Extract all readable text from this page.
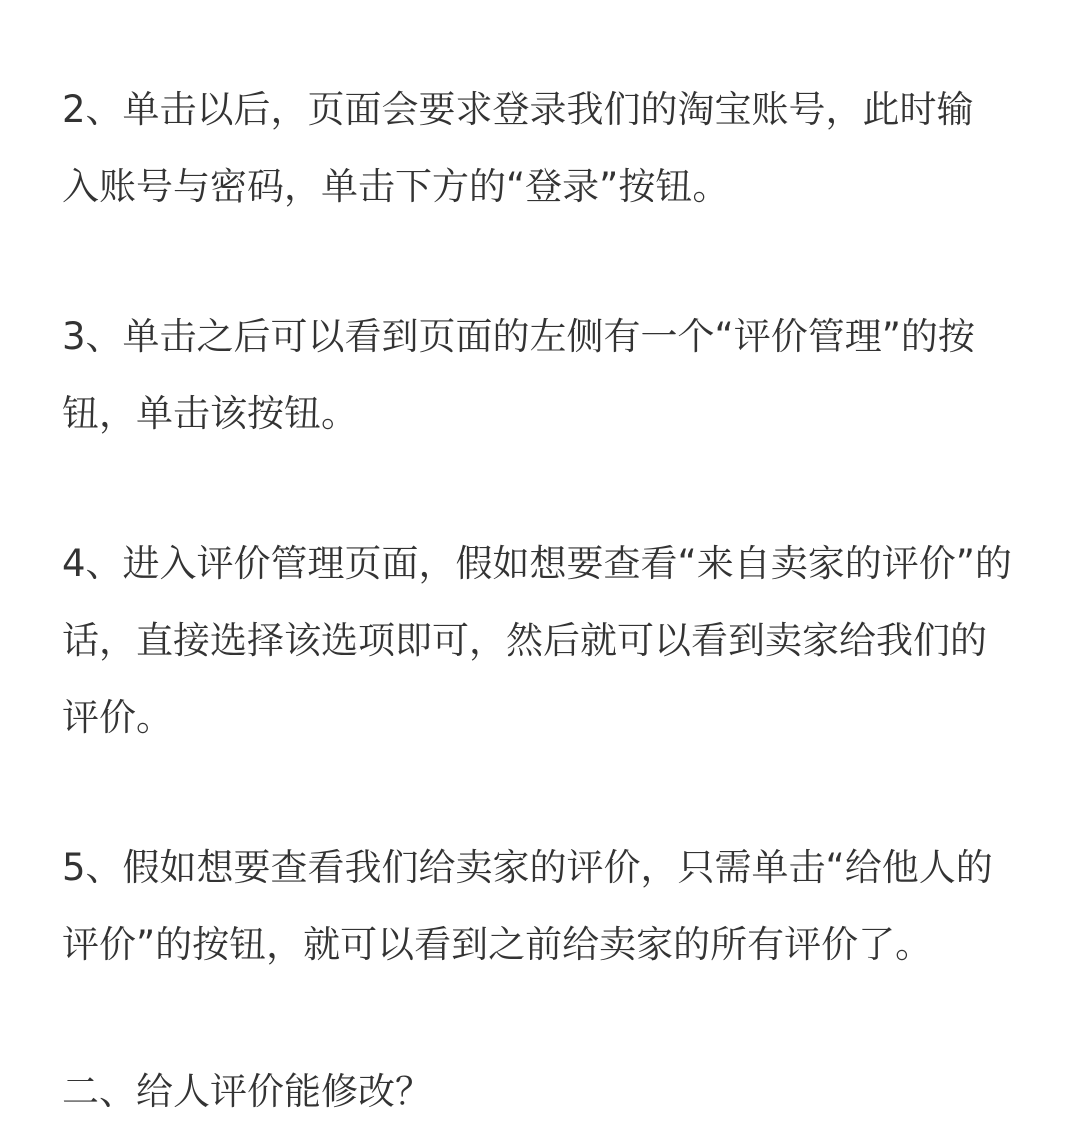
2、单击以后，页面会要求登录我们的淘宝账号，此时输
入账号与密码，单击下方的“登录”按钮。
3、单击之后可以看到页面的左侧有一个“评价管理”的按
钮，单击该按钮。
4、进入评价管理页面，假如想要查看“来自卖家的评价”的
话，直接选择该选项即可，然后就可以看到卖家给我们的
评价。
5、假如想要查看我们给卖家的评价，只需单击“给他人的
评价”的按钮，就可以看到之前给卖家的所有评价了。
二、给人评价能修改？
